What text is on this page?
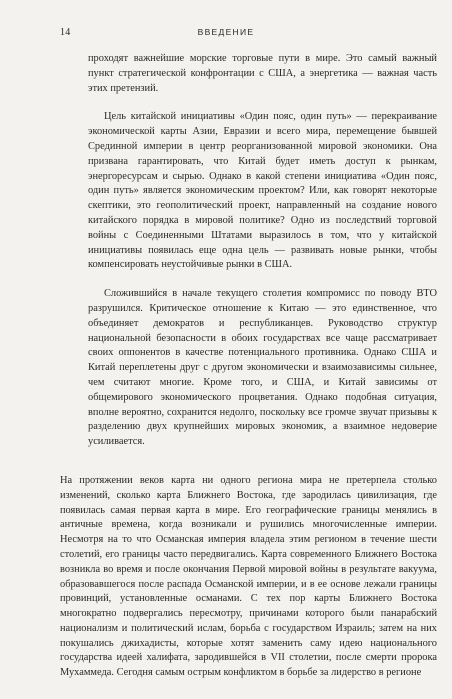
14	ВВЕДЕНИЕ

проходят важнейшие морские торговые пути в мире. Это самый важный пункт стратегической конфронтации с США, а энергетика — важная часть этих претензий.

Цель китайской инициативы «Один пояс, один путь» — перекраивание экономической карты Азии, Евразии и всего мира, перемещение бывшей Срединной империи в центр реорганизованной мировой экономики. Она призвана гарантировать, что Китай будет иметь доступ к рынкам, энергоресурсам и сырью. Однако в какой степени инициатива «Один пояс, один путь» является экономическим проектом? Или, как говорят некоторые скептики, это геополитический проект, направленный на создание нового китайского порядка в мировой политике? Одно из последствий торговой войны с Соединенными Штатами выразилось в том, что у китайской инициативы появилась еще одна цель — развивать новые рынки, чтобы компенсировать неустойчивые рынки в США.

Сложившийся в начале текущего столетия компромисс по поводу ВТО разрушился. Критическое отношение к Китаю — это единственное, что объединяет демократов и республиканцев. Руководство структур национальной безопасности в обоих государствах все чаще рассматривает своих оппонентов в качестве потенциального противника. Однако США и Китай переплетены друг с другом экономически и взаимозависимы сильнее, чем считают многие. Кроме того, и США, и Китай зависимы от общемирового экономического процветания. Однако подобная ситуация, вполне вероятно, сохранится недолго, поскольку все громче звучат призывы к разделению двух крупнейших мировых экономик, а взаимное недоверие усиливается.

На протяжении веков карта ни одного региона мира не претерпела столько изменений, сколько карта Ближнего Востока, где зародилась цивилизация, где появилась самая первая карта в мире. Его географические границы менялись в античные времена, когда возникали и рушились многочисленные империи. Несмотря на то что Османская империя владела этим регионом в течение шести столетий, его границы часто передвигались. Карта современного Ближнего Востока возникла во время и после окончания Первой мировой войны в результате вакуума, образовавшегося после распада Османской империи, и в ее основе лежали границы провинций, установленные османами. С тех пор карты Ближнего Востока многократно подвергались пересмотру, причинами которого были панарабский национализм и политический ислам, борьба с государством Израиль; затем на них покушались джихадисты, которые хотят заменить саму идею национального государства идеей халифата, зародившейся в VII столетии, после смерти пророка Мухаммеда. Сегодня самым острым конфликтом в борьбе за лидерство в регионе
